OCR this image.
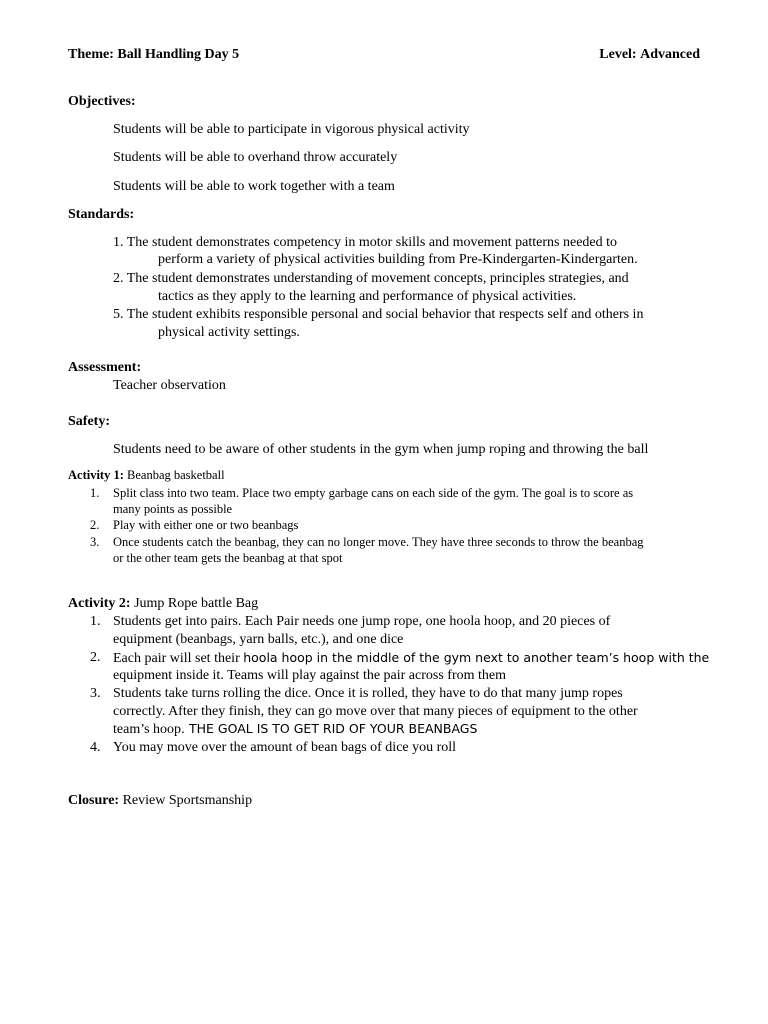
Theme: Ball Handling Day 5	Level: Advanced
Objectives:
Students will be able to participate in vigorous physical activity
Students will be able to overhand throw accurately
Students will be able to work together with a team
Standards:
1. The student demonstrates competency in motor skills and movement patterns needed to
perform a variety of physical activities building from Pre-Kindergarten-Kindergarten.
2. The student demonstrates understanding of movement concepts, principles strategies, and
tactics as they apply to the learning and performance of physical activities.
5. The student exhibits responsible personal and social behavior that respects self and others in
physical activity settings.
Assessment:
Teacher observation
Safety:
Students need to be aware of other students in the gym when jump roping and throwing the ball
Activity 1: Beanbag basketball
1. Split class into two team. Place two empty garbage cans on each side of the gym. The goal is to score as
many points as possible
2. Play with either one or two beanbags
3. Once students catch the beanbag, they can no longer move. They have three seconds to throw the beanbag
or the other team gets the beanbag at that spot
Activity 2: Jump Rope battle Bag
1. Students get into pairs. Each Pair needs one jump rope, one hoola hoop, and 20 pieces of
equipment (beanbags, yarn balls, etc.), and one dice
2. Each pair will set their hoola hoop in the middle of the gym next to another team’s hoop with the
equipment inside it. Teams will play against the pair across from them
3. Students take turns rolling the dice. Once it is rolled, they have to do that many jump ropes
correctly. After they finish, they can go move over that many pieces of equipment to the other
team’s hoop. THE GOAL IS TO GET RID OF YOUR BEANBAGS
4. You may move over the amount of bean bags of dice you roll
Closure: Review Sportsmanship
